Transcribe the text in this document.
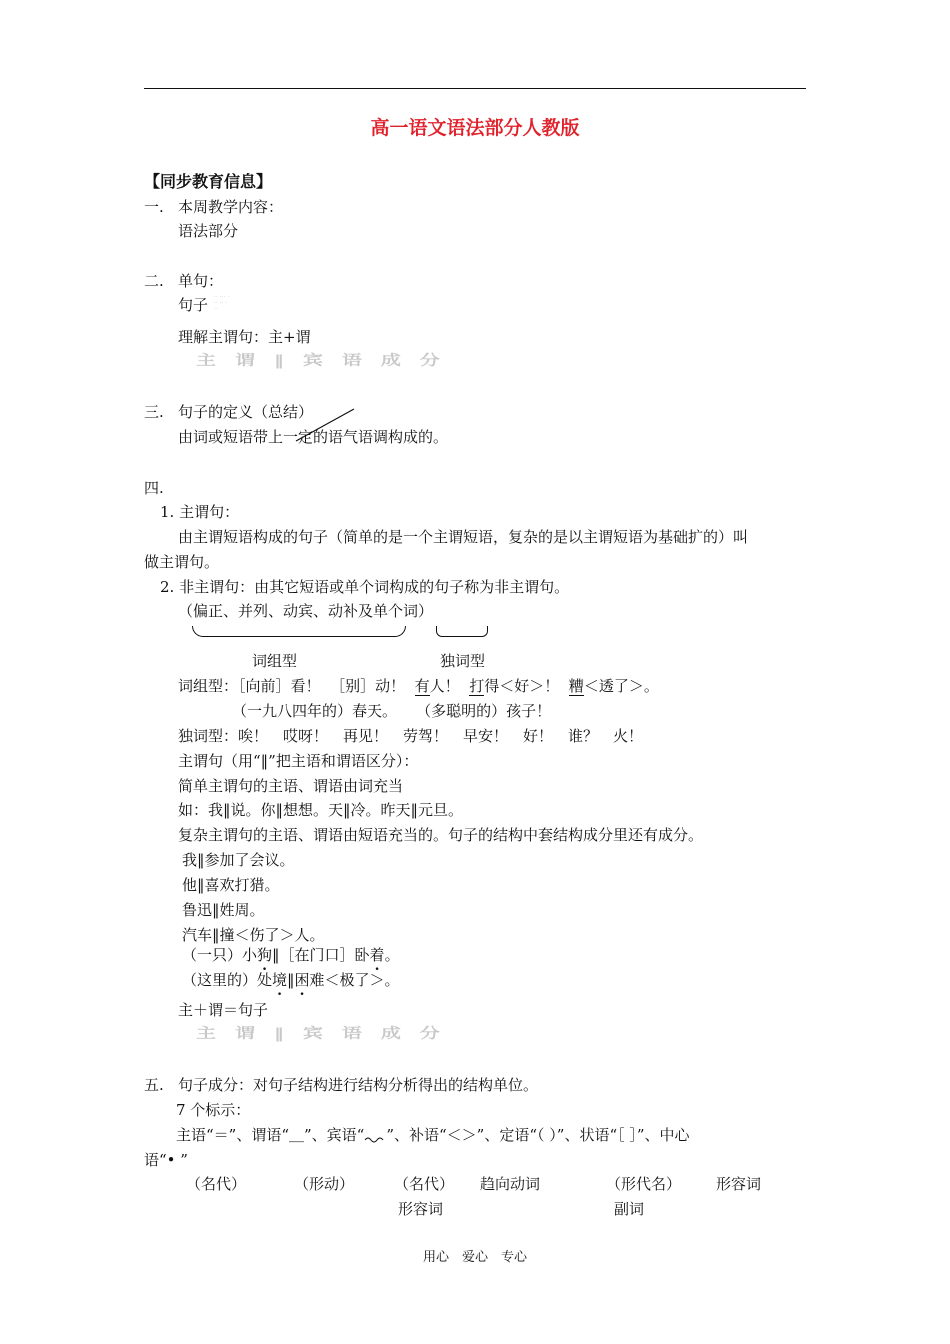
高一语文语法部分人教版
【同步教育信息】
一. 本周教学内容：
语法部分
二. 单句：
句子 ·· ··· ·
·· ·· ·
··
理解主谓句：主+谓
主 谓 ‖ 宾 语 成 分
三. 句子的定义（总结）
由词或短语带上一定的语气语调构成的。
四.
1. 主谓句：
由主谓短语构成的句子（简单的是一个主谓短语，复杂的是以主谓短语为基础扩的）叫
做主谓句。
2. 非主谓句：由其它短语或单个词构成的句子称为非主谓句。
（偏正、并列、动宾、动补及单个词）
词组型	独词型
词组型：［向前］看！ ［别］动！ 有人！ 打得＜好＞！ 糟＜透了＞。
（一九八四年的）春天。 （多聪明的）孩子！
独词型：唉！　哎呀！　再见！　劳驾！　早安！　好！　谁？　火！
主谓句（用“‖”把主语和谓语区分）：
简单主谓句的主语、谓语由词充当
如：我‖说。你‖想想。天‖冷。昨天‖元旦。
复杂主谓句的主语、谓语由短语充当的。句子的结构中套结构成分里还有成分。
我‖参加了会议。
他‖喜欢打猎。
鲁迅‖姓周。
汽车‖撞＜伤了＞人。
（一只）小狗‖［在门口］卧着。
（这里的）处境‖困难＜极了＞。
主＋谓＝句子
主 谓 ‖ 宾 语 成 分
五. 句子成分：对句子结构进行结构分析得出的结构单位。
7 个标示：
主语“＝”、谓语“＿”、宾语“ ”、补语“＜＞”、定语“（ ）”、状语“［ ］”、中心
语“• ”
（名代）	（形动）	（名代） 趋向动词	（形代名） 形容词
形容词	副词
用心　爱心　专心
